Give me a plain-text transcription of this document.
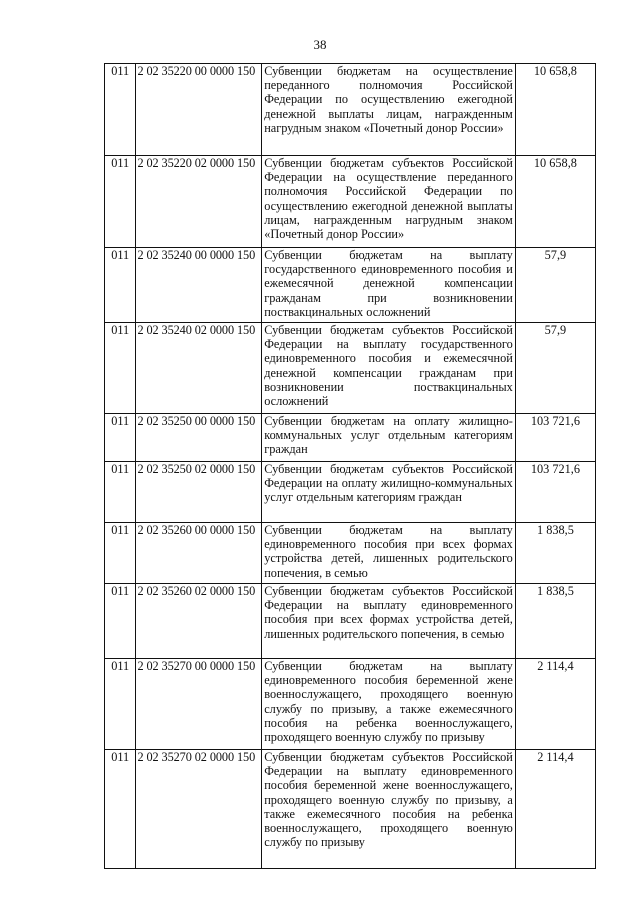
38
011	2 02 35220 00 0000 150	Субвенции бюджетам на осуществление переданного полномочия Российской Федерации по осуществлению ежегодной денежной выплаты лицам, награжденным нагрудным знаком «Почетный донор России»	10 658,8
011	2 02 35220 02 0000 150	Субвенции бюджетам субъектов Российской Федерации на осуществление переданного полномочия Российской Федерации по осуществлению ежегодной денежной выплаты лицам, награжденным нагрудным знаком «Почетный донор России»	10 658,8
011	2 02 35240 00 0000 150	Субвенции бюджетам на выплату государственного единовременного пособия и ежемесячной денежной компенсации гражданам при возникновении поствакцинальных осложнений	57,9
011	2 02 35240 02 0000 150	Субвенции бюджетам субъектов Российской Федерации на выплату государственного единовременного пособия и ежемесячной денежной компенсации гражданам при возникновении поствакцинальных осложнений	57,9
011	2 02 35250 00 0000 150	Субвенции бюджетам на оплату жилищно-коммунальных услуг отдельным категориям граждан	103 721,6
011	2 02 35250 02 0000 150	Субвенции бюджетам субъектов Российской Федерации на оплату жилищно-коммунальных услуг отдельным категориям граждан	103 721,6
011	2 02 35260 00 0000 150	Субвенции бюджетам на выплату единовременного пособия при всех формах устройства детей, лишенных родительского попечения, в семью	1 838,5
011	2 02 35260 02 0000 150	Субвенции бюджетам субъектов Российской Федерации на выплату единовременного пособия при всех формах устройства детей, лишенных родительского попечения, в семью	1 838,5
011	2 02 35270 00 0000 150	Субвенции бюджетам на выплату единовременного пособия беременной жене военнослужащего, проходящего военную службу по призыву, а также ежемесячного пособия на ребенка военнослужащего, проходящего военную службу по призыву	2 114,4
011	2 02 35270 02 0000 150	Субвенции бюджетам субъектов Российской Федерации на выплату единовременного пособия беременной жене военнослужащего, проходящего военную службу по призыву, а также ежемесячного пособия на ребенка военнослужащего, проходящего военную службу по призыву	2 114,4
